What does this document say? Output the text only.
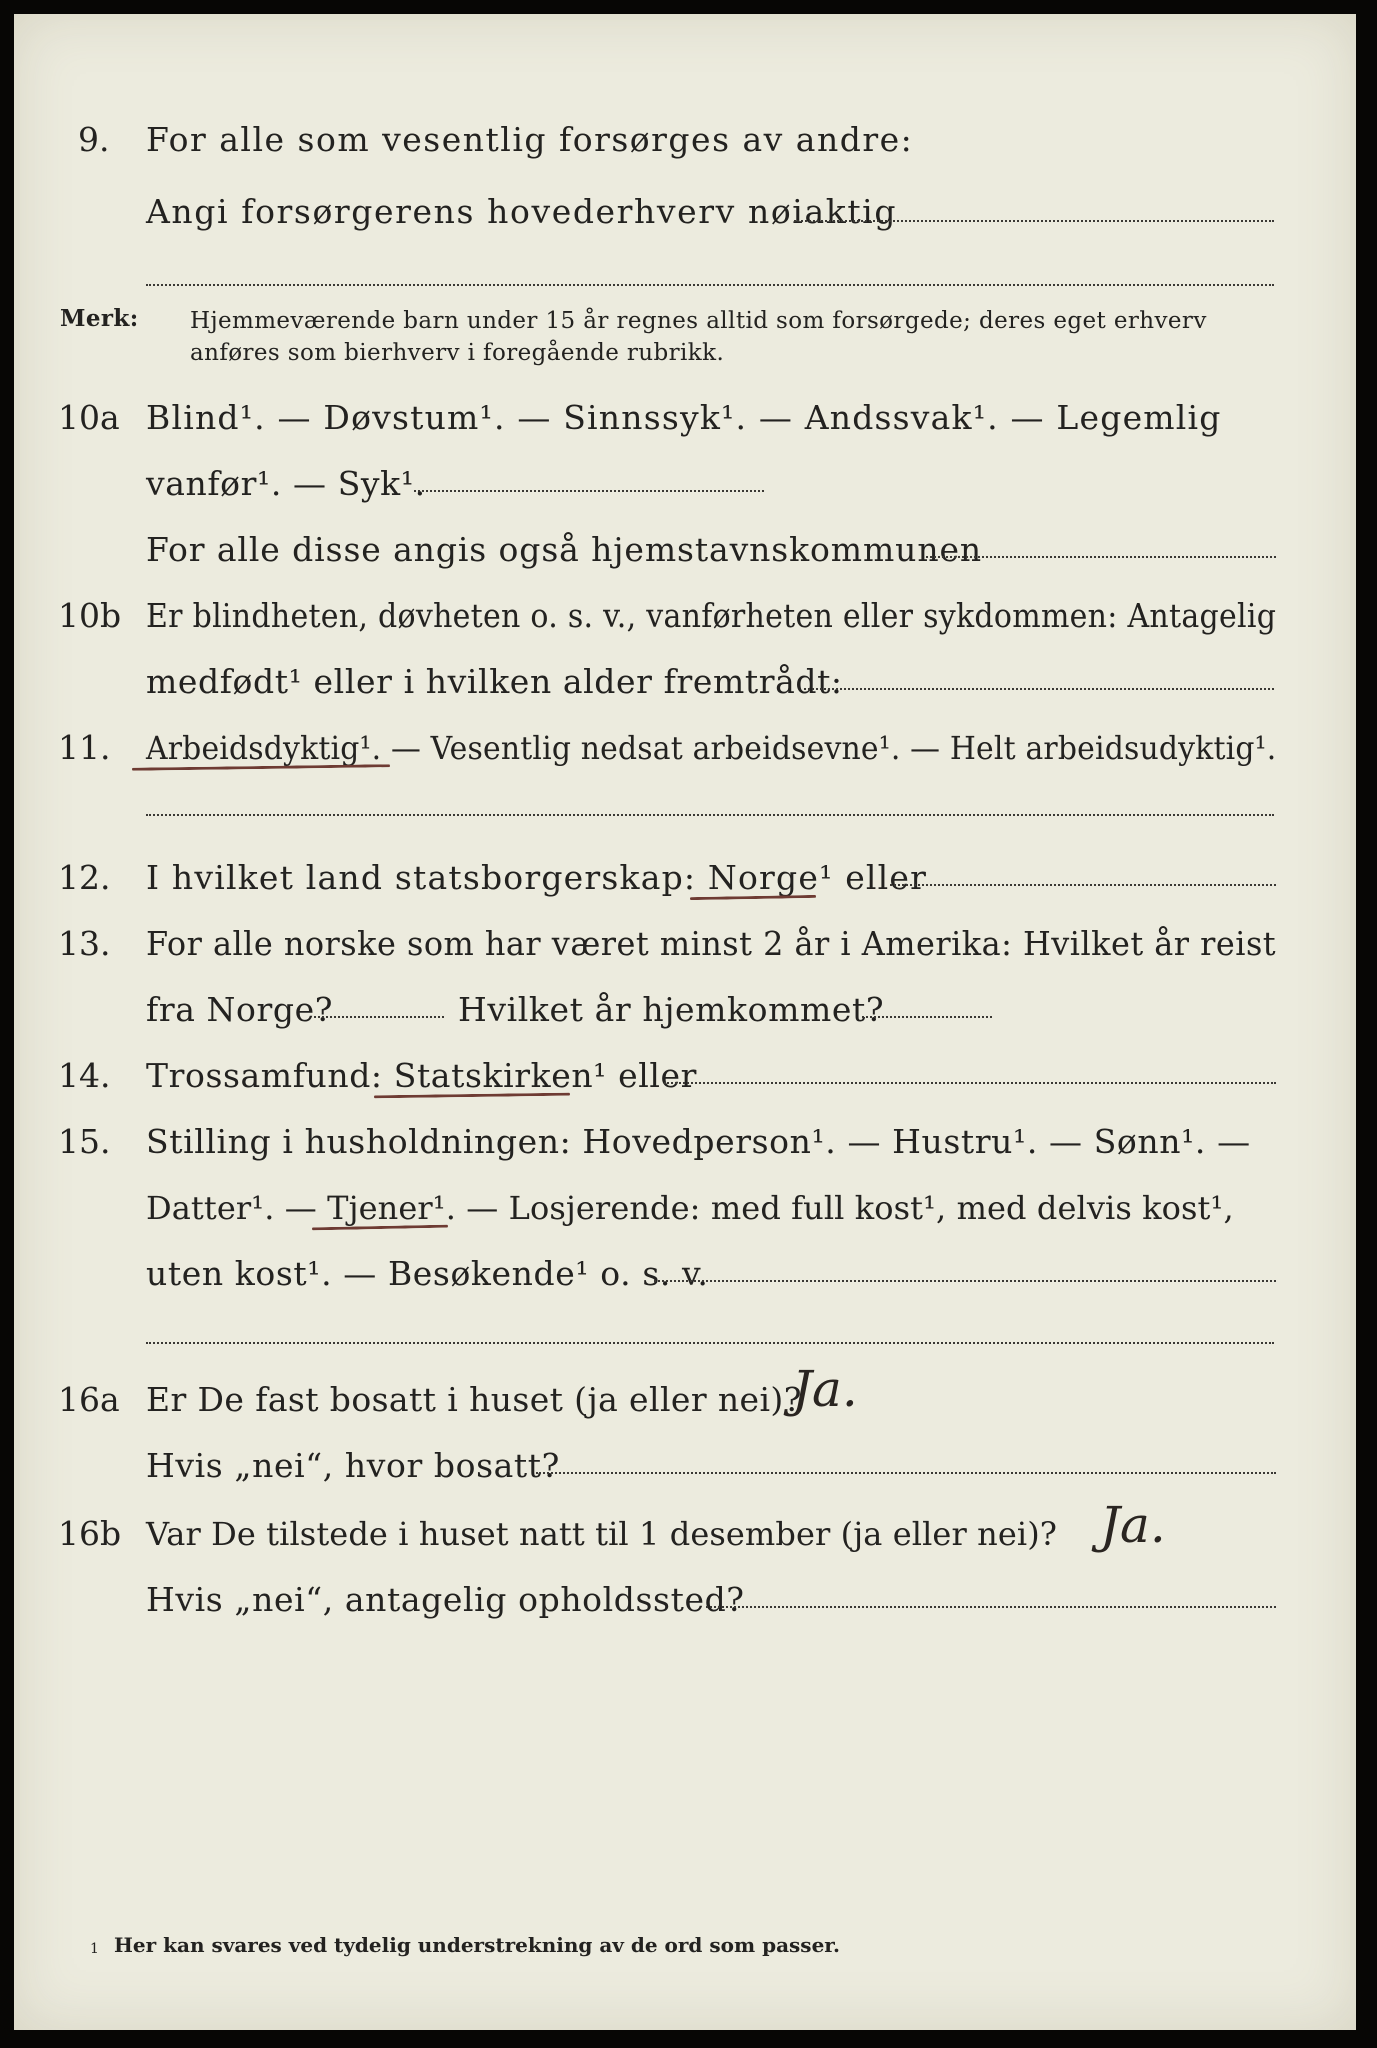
9. For alle som vesentlig forsørges av andre:
Angi forsørgerens hovederhverv nøiaktig
Merk: Hjemmeværende barn under 15 år regnes alltid som forsørgede; deres eget erhverv
anføres som bierhverv i foregående rubrikk.
10a Blind¹. — Døvstum¹. — Sinnssyk¹. — Andssvak¹. — Legemlig
vanfør¹. — Syk¹.
For alle disse angis også hjemstavnskommunen
10b Er blindheten, døvheten o. s. v., vanførheten eller sykdommen: Antagelig
medfødt¹ eller i hvilken alder fremtrådt:
11. Arbeidsdyktig¹. — Vesentlig nedsat arbeidsevne¹. — Helt arbeidsudyktig¹.
12. I hvilket land statsborgerskap: Norge¹ eller
13. For alle norske som har været minst 2 år i Amerika: Hvilket år reist
fra Norge?	Hvilket år hjemkommet?
14. Trossamfund: Statskirken¹ eller
15. Stilling i husholdningen: Hovedperson¹. — Hustru¹. — Sønn¹. —
Datter¹. — Tjener¹. — Losjerende: med full kost¹, med delvis kost¹,
uten kost¹. — Besøkende¹ o. s. v.
16a Er De fast bosatt i huset (ja eller nei)?
Ja.
Hvis „nei“, hvor bosatt?
16b Var De tilstede i huset natt til 1 desember (ja eller nei)? Ja.
Hvis „nei“, antagelig opholdssted?
1 Her kan svares ved tydelig understrekning av de ord som passer.
